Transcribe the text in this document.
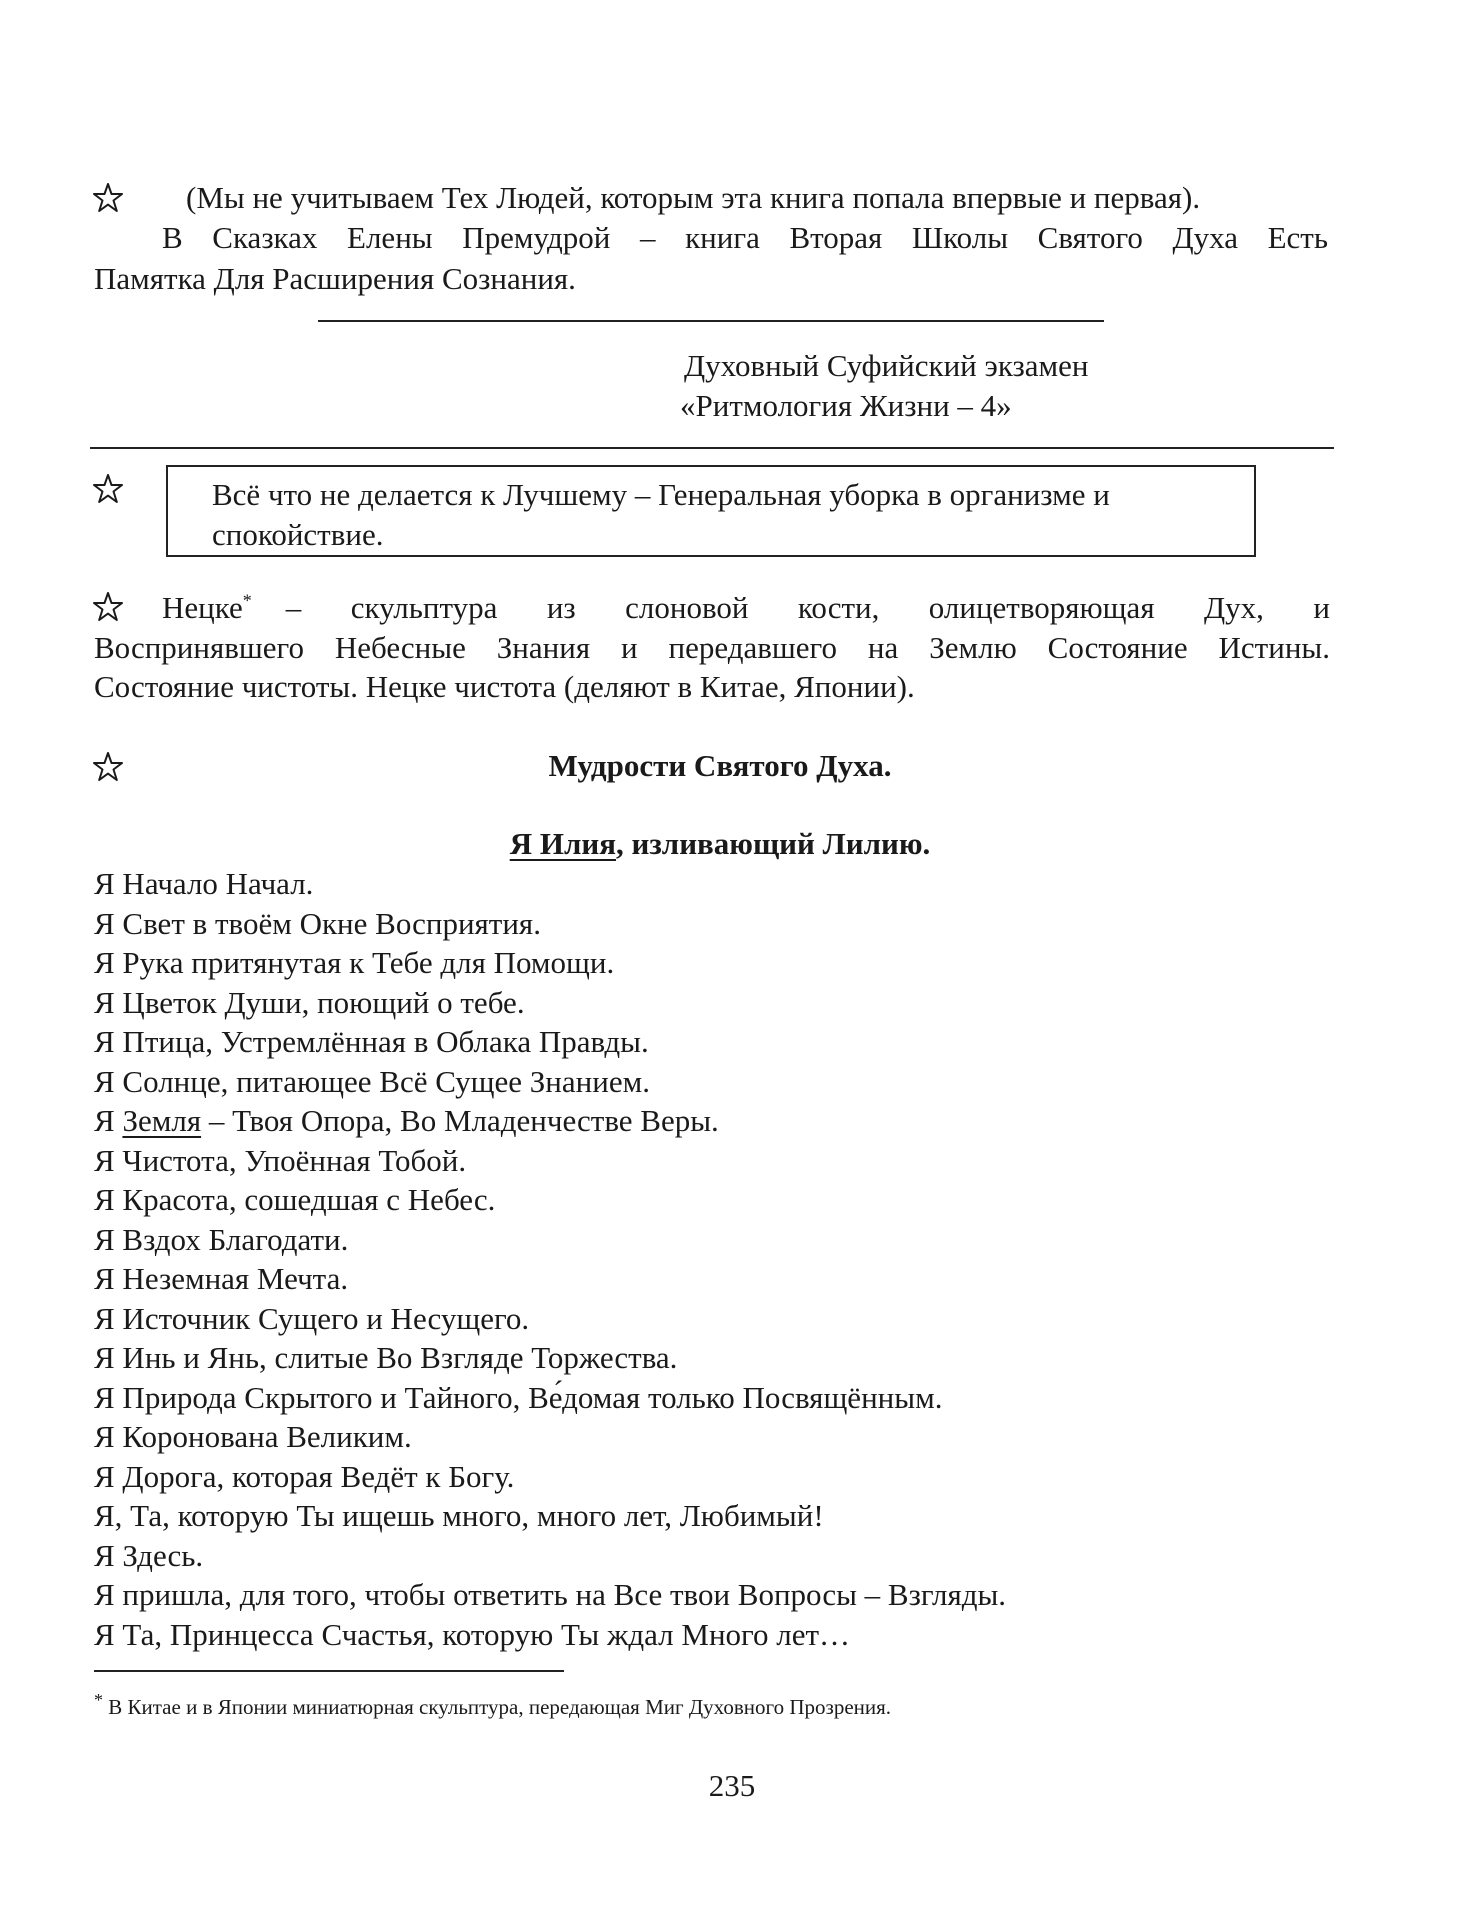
(Мы не учитываем Тех Людей, которым эта книга попала впервые и первая).
В Сказках Елены Премудрой – книга Вторая Школы Святого Духа Есть
Памятка Для Расширения Сознания.
Духовный Суфийский экзамен
«Ритмология Жизни – 4»
Всё что не делается к Лучшему – Генеральная уборка в организме и
спокойствие.
Нецке* – скульптура из слоновой кости, олицетворяющая Дух, и
Воспринявшего Небесные Знания и передавшего на Землю Состояние Истины.
Состояние чистоты. Нецке чистота (деляют в Китае, Японии).
Мудрости Святого Духа.
Я Илия, изливающий Лилию.
Я Начало Начал.
Я Свет в твоём Окне Восприятия.
Я Рука притянутая к Тебе для Помощи.
Я Цветок Души, поющий о тебе.
Я Птица, Устремлённая в Облака Правды.
Я Солнце, питающее Всё Сущее Знанием.
Я Земля – Твоя Опора, Во Младенчестве Веры.
Я Чистота, Упоённая Тобой.
Я Красота, сошедшая с Небес.
Я Вздох Благодати.
Я Неземная Мечта.
Я Источник Сущего и Несущего.
Я Инь и Янь, слитые Во Взгляде Торжества.
Я Природа Скрытого и Тайного, Ве́домая только Посвящённым.
Я Коронована Великим.
Я Дорога, которая Ведёт к Богу.
Я, Та, которую Ты ищешь много, много лет, Любимый!
Я Здесь.
Я пришла, для того, чтобы ответить на Все твои Вопросы – Взгляды.
Я Та, Принцесса Счастья, которую Ты ждал Много лет…
* В Китае и в Японии миниатюрная скульптура, передающая Миг Духовного Прозрения.
235
